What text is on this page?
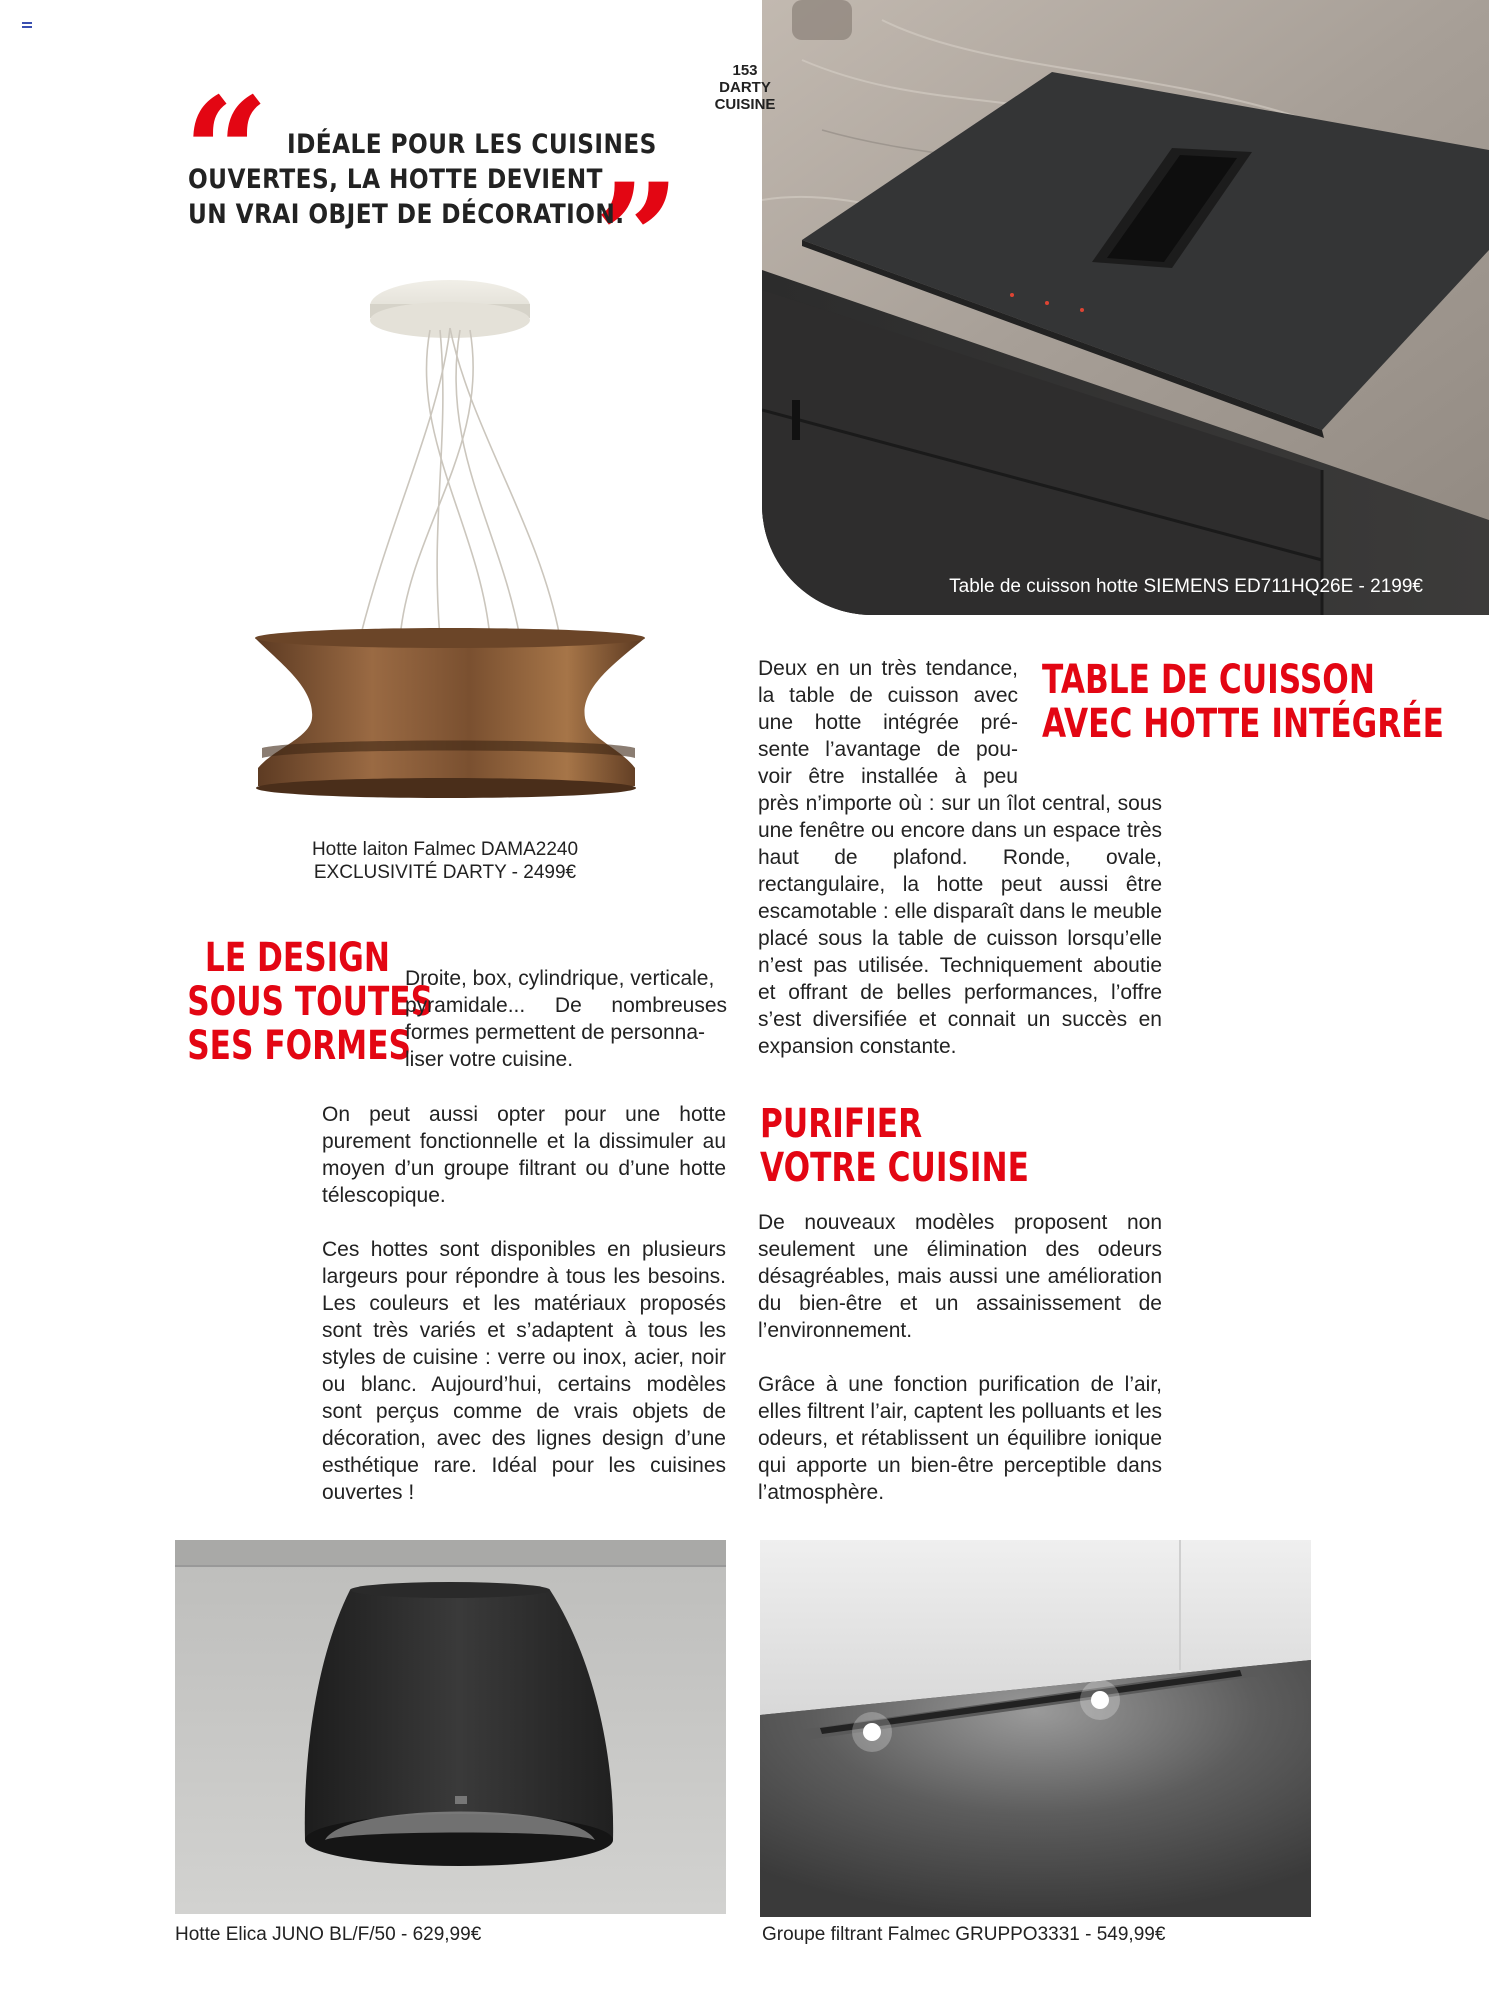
Table de cuisson hotte SIEMENS ED711HQ26E - 2199€
153
DARTY CUISINE
“ ”
IDÉALE POUR LES CUISINES
OUVERTES, LA HOTTE DEVIENT
UN VRAI OBJET DE DÉCORATION.
Hotte laiton Falmec DAMA2240
EXCLUSIVITÉ DARTY - 2499€
LE DESIGN
SOUS TOUTES
SES FORMES
Droite, box, cylindrique, verticale,
pyramidale... De nombreuses
formes permettent de personna-
liser votre cuisine.

On peut aussi opter pour une hotte purement fonctionnelle et la dissimuler au moyen d’un groupe filtrant ou d’une hotte télescopique.

Ces hottes sont disponibles en plusieurs largeurs pour répondre à tous les besoins. Les couleurs et les matériaux proposés sont très variés et s’adaptent à tous les styles de cuisine : verre ou inox, acier, noir ou blanc. Aujourd’hui, certains modèles sont perçus comme de vrais objets de décoration, avec des lignes design d’une esthétique rare. Idéal pour les cuisines ouvertes !

TABLE DE CUISSON
AVEC HOTTE INTÉGRÉE
Deux en un très tendance,
la table de cuisson avec
une hotte intégrée pré-
sente l’avantage de pou-
voir être installée à peu

près n’importe où : sur un îlot central, sous une fenêtre ou encore dans un espace très haut de plafond. Ronde, ovale, rectangulaire, la hotte peut aussi être escamotable : elle disparaît dans le meuble placé sous la table de cuisson lorsqu’elle n’est pas utilisée. Techniquement aboutie et offrant de belles performances, l’offre s’est diversifiée et connait un succès en expansion constante.

PURIFIER
VOTRE CUISINE

De nouveaux modèles proposent non seulement une élimination des odeurs désagréables, mais aussi une amélioration du bien-être et un assainissement de l’environnement.

Grâce à une fonction purification de l’air, elles filtrent l’air, captent les polluants et les odeurs, et rétablissent un équilibre ionique qui apporte un bien-être perceptible dans l’atmosphère.

Hotte Elica JUNO BL/F/50 - 629,99€	Groupe filtrant Falmec GRUPPO3331 - 549,99€
